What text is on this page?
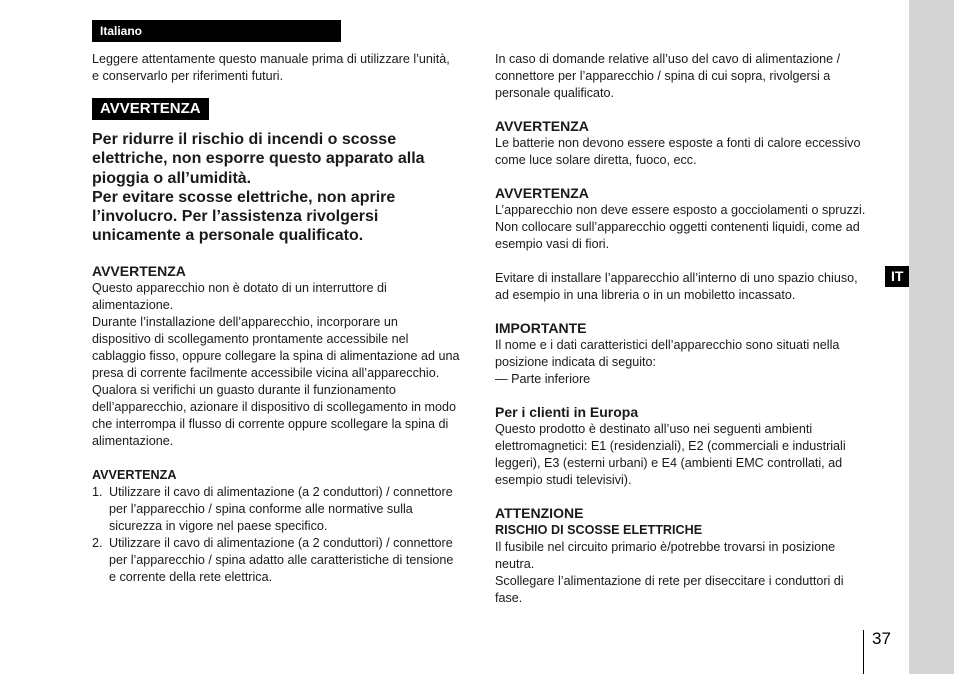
IT
37
Italiano

Leggere attentamente questo manuale prima di utilizzare l’unità, e conservarlo per riferimenti futuri.

AVVERTENZA

Per ridurre il rischio di incendi o scosse

elettriche, non esporre questo apparato alla

pioggia o all’umidità.

Per evitare scosse elettriche, non aprire

l’involucro. Per l’assistenza rivolgersi

unicamente a personale qualificato.

AVVERTENZA

Questo apparecchio non è dotato di un interruttore di alimentazione.

Durante l’installazione dell’apparecchio, incorporare un dispositivo di scollegamento prontamente accessibile nel cablaggio fisso, oppure collegare la spina di alimentazione ad una presa di corrente facilmente accessibile vicina all’apparecchio. Qualora si verifichi un guasto durante il funzionamento dell’apparecchio, azionare il dispositivo di scollegamento in modo che interrompa il flusso di corrente oppure scollegare la spina di alimentazione.

AVVERTENZA

1. Utilizzare il cavo di alimentazione (a 2 conduttori) / connettore per l’apparecchio / spina conforme alle normative sulla sicurezza in vigore nel paese specifico.
2. Utilizzare il cavo di alimentazione (a 2 conduttori) / connettore per l’apparecchio / spina adatto alle caratteristiche di tensione e corrente della rete elettrica.

In caso di domande relative all’uso del cavo di alimentazione / connettore per l’apparecchio / spina di cui sopra, rivolgersi a personale qualificato.

AVVERTENZA

Le batterie non devono essere esposte a fonti di calore eccessivo come luce solare diretta, fuoco, ecc.

AVVERTENZA

L’apparecchio non deve essere esposto a gocciolamenti o spruzzi. Non collocare sull’apparecchio oggetti contenenti liquidi, come ad esempio vasi di fiori.

Evitare di installare l’apparecchio all’interno di uno spazio chiuso, ad esempio in una libreria o in un mobiletto incassato.

IMPORTANTE

Il nome e i dati caratteristici dell’apparecchio sono situati nella posizione indicata di seguito:

— Parte inferiore

Per i clienti in Europa

Questo prodotto è destinato all’uso nei seguenti ambienti elettromagnetici: E1 (residenziali), E2 (commerciali e industriali leggeri), E3 (esterni urbani) e E4 (ambienti EMC controllati, ad esempio studi televisivi).

ATTENZIONE

RISCHIO DI SCOSSE ELETTRICHE

Il fusibile nel circuito primario è/potrebbe trovarsi in posizione neutra.

Scollegare l’alimentazione di rete per diseccitare i conduttori di fase.
